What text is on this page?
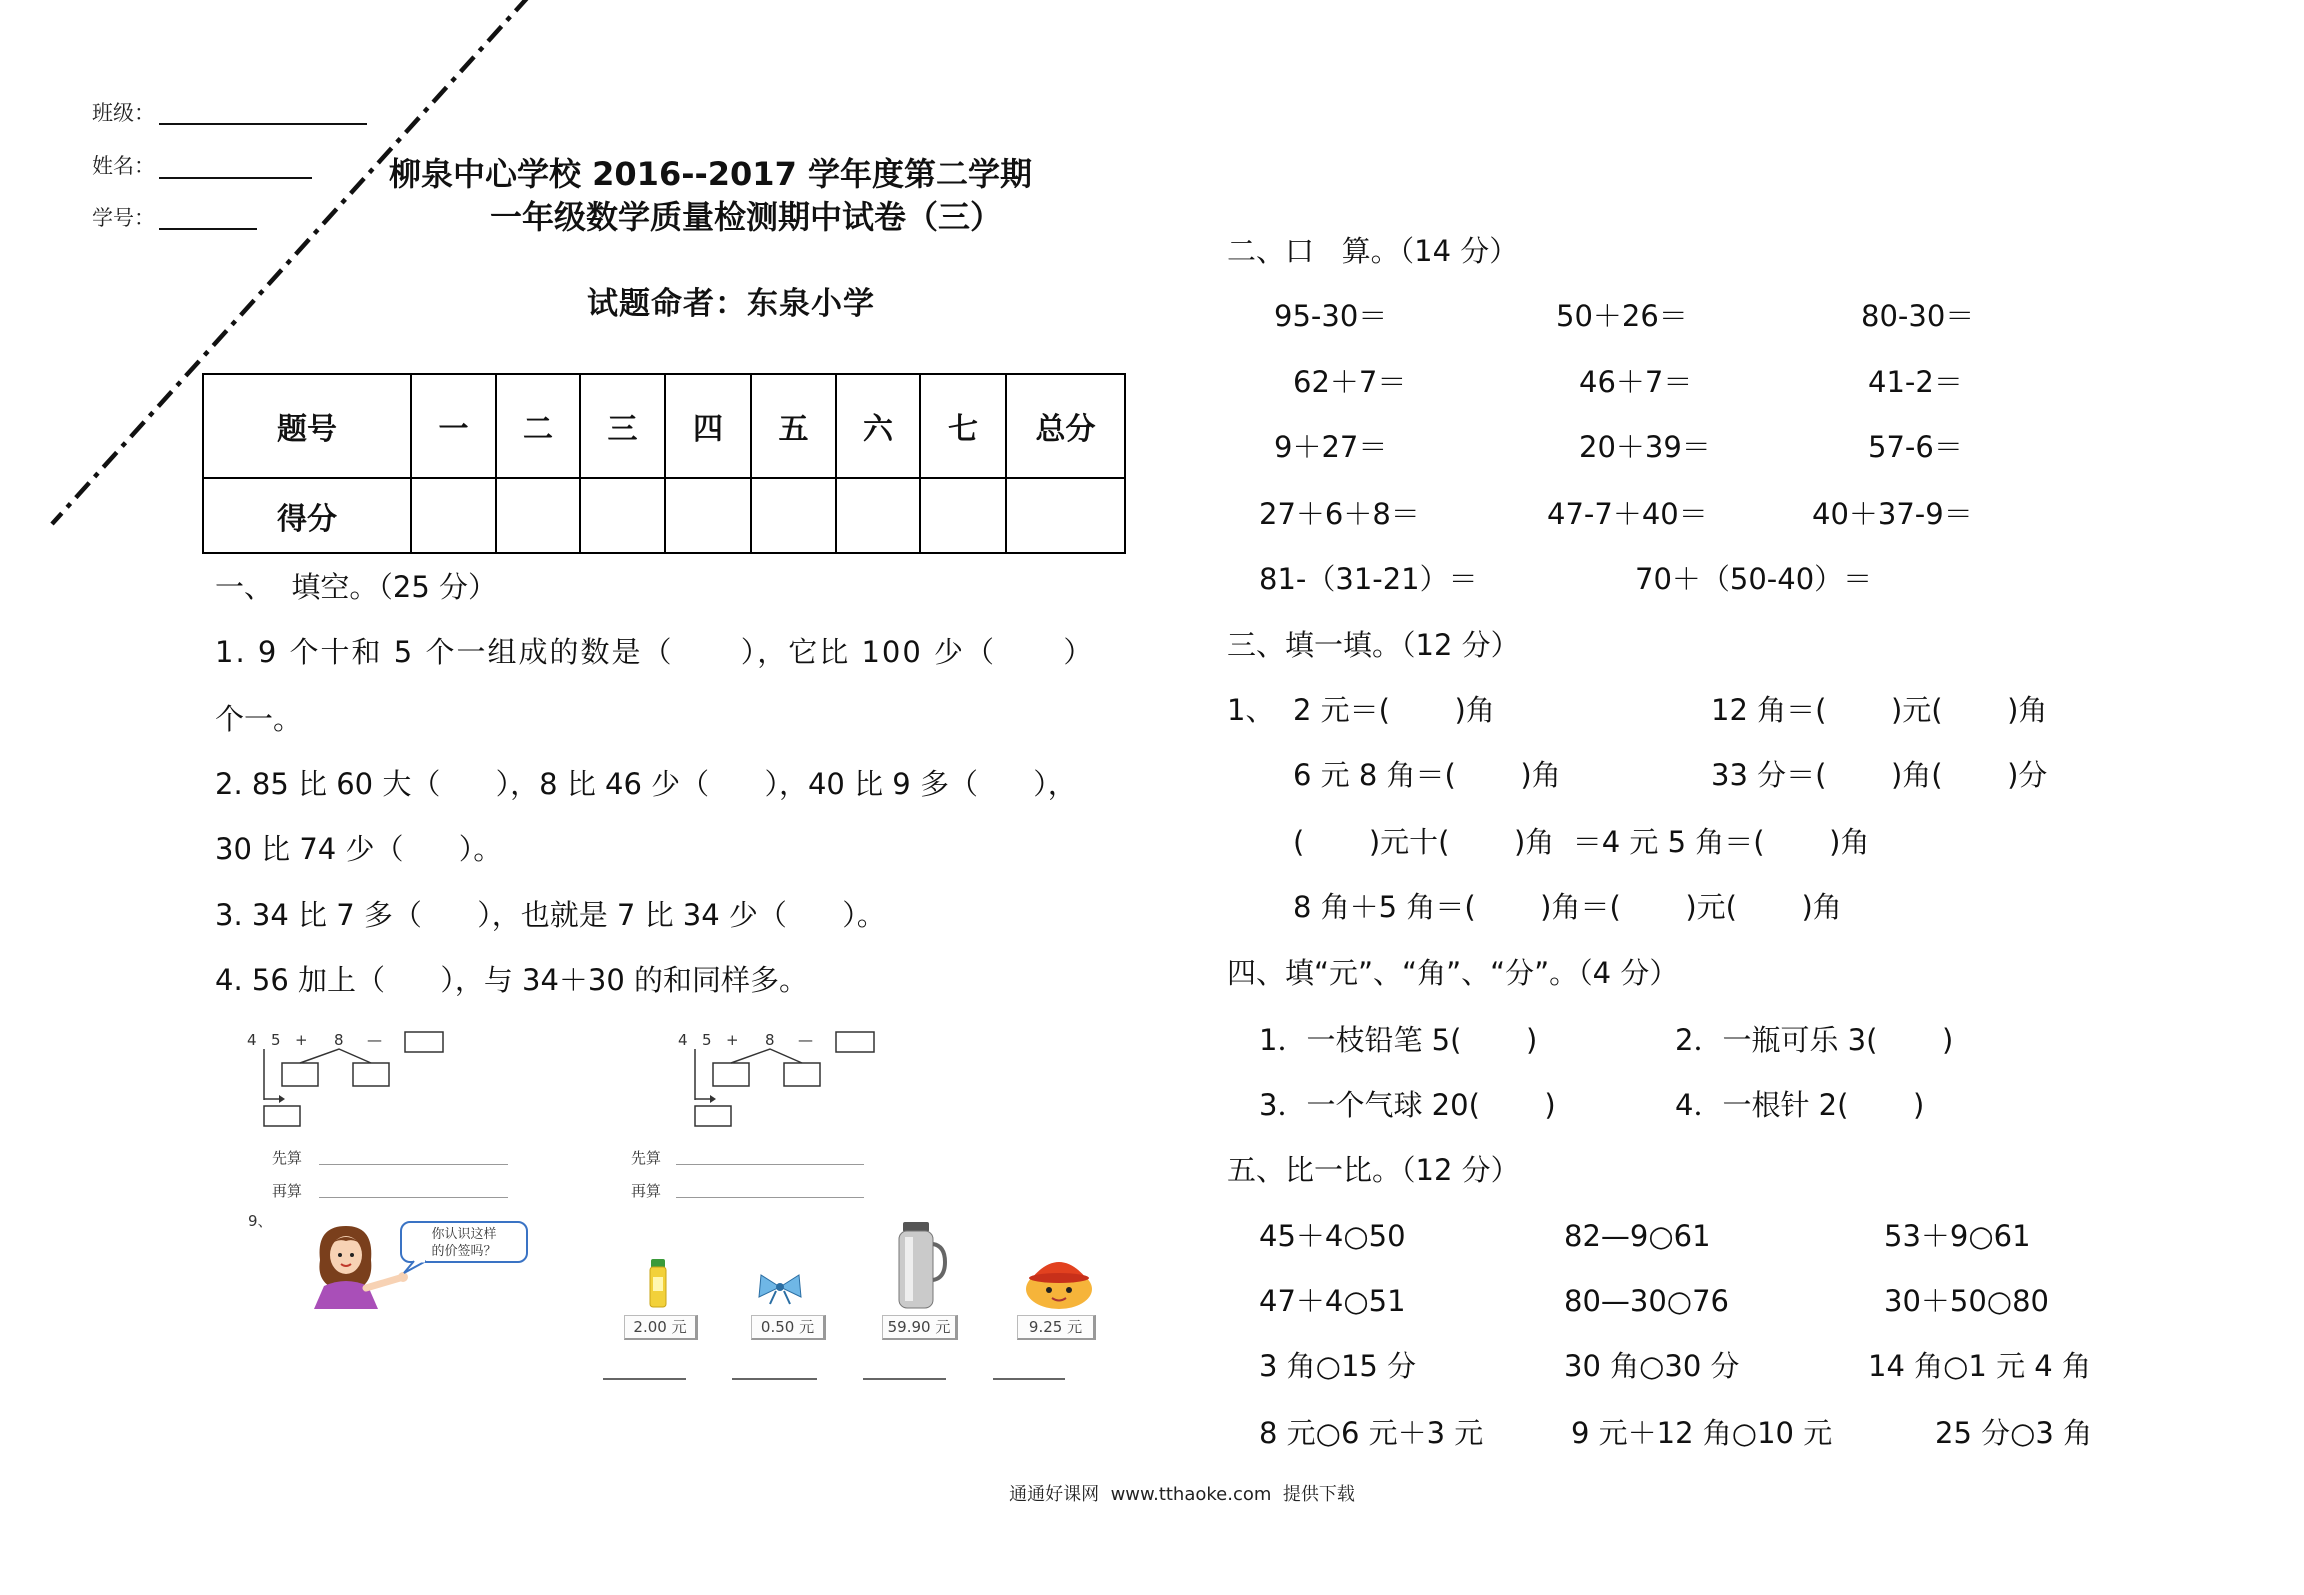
班级：
姓名：
学号：
柳泉中心学校 2016--2017 学年度第二学期
一年级数学质量检测期中试卷（三）
试题命者：东泉小学
题号	一	二	三	四	五	六	七	总分
得分								
一、  填空。（25 分）
1. 9 个十和 5 个一组成的数是（      ），它比 100 少（      ）
个一。
2. 85 比 60 大（      ），8 比 46 少（      ），40 比 9 多（      ），
30 比 74 少（      ）。
3. 34 比 7 多（      ），也就是 7 比 34 少（      ）。
4. 56 加上（      ），与 34＋30 的和同样多。
4 5 + 8 —
先算
再算
4 5 + 8 —
先算
再算
9、
你认识这样
的价签吗？
2.00 元	0.50 元	59.90 元	9.25 元
二、口   算。（14 分）
95-30＝	50＋26＝	80-30＝
62＋7＝	46＋7＝	41-2＝
9＋27＝	20＋39＝	57-6＝
27＋6＋8＝	47-7＋40＝	40＋37-9＝
81-（31-21）＝	70＋（50-40）＝
三、填一填。（12 分）
1、 2 元＝(       )角	12 角＝(       )元(       )角
6 元 8 角＝(       )角	33 分＝(       )角(       )分
(       )元十(       )角  ＝4 元 5 角＝(       )角
8 角＋5 角＝(       )角＝(       )元(       )角
四、填“元”、“角”、“分”。（4 分）
1．一枝铅笔 5(       )	2．一瓶可乐 3(       )
3．一个气球 20(       )	4．一根针 2(       )
五、比一比。（12 分）
45＋4○50	82—9○61	53＋9○61
47＋4○51	80—30○76	30＋50○80
3 角○15 分	30 角○30 分	14 角○1 元 4 角
8 元○6 元＋3 元	9 元＋12 角○10 元	25 分○3 角
通通好课网  www.tthaoke.com  提供下载
